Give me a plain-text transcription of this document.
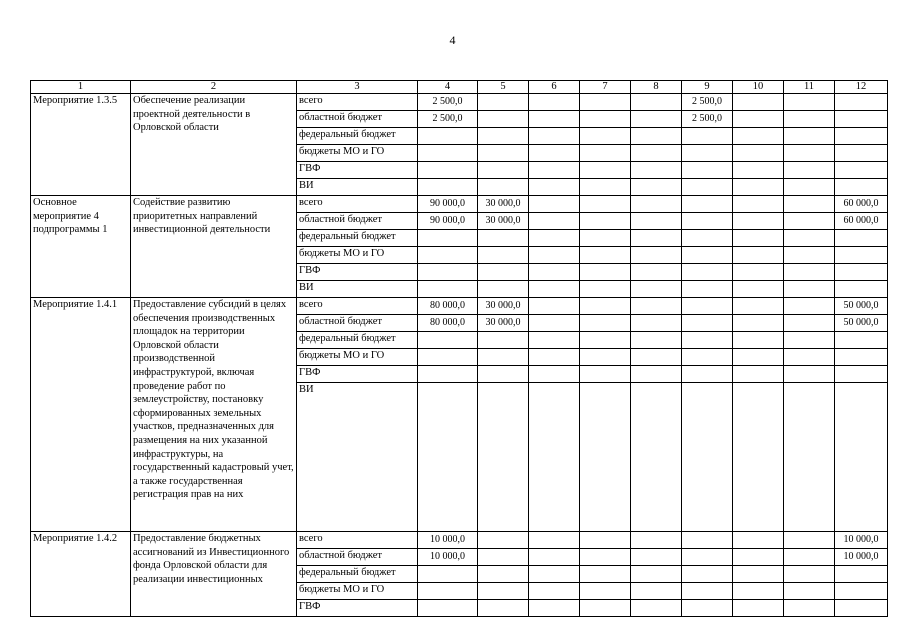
4
1	2	3	4	5	6	7	8	9	10	11	12
Мероприятие 1.3.5	Обеспечение реализации проектной деятельности в Орловской области	всего	2 500,0					2 500,0			
		областной бюджет	2 500,0					2 500,0			
		федеральный бюджет									
		бюджеты МО и ГО									
		ГВФ									
		ВИ									
Основное мероприятие 4 подпрограммы 1	Содействие развитию приоритетных направлений инвестиционной деятельности	всего	90 000,0	30 000,0							60 000,0
		областной бюджет	90 000,0	30 000,0							60 000,0
		федеральный бюджет									
		бюджеты МО и ГО									
		ГВФ									
		ВИ									
Мероприятие 1.4.1	Предоставление субсидий в целях обеспечения производственных площадок на территории Орловской области производственной инфраструктурой, включая проведение работ по землеустройству, постановку сформированных земельных участков, предназначенных для размещения на них указанной инфраструктуры, на государственный кадастровый учет, а также государственная регистрация прав на них	всего	80 000,0	30 000,0							50 000,0
		областной бюджет	80 000,0	30 000,0							50 000,0
		федеральный бюджет									
		бюджеты МО и ГО									
		ГВФ									
		ВИ									
Мероприятие 1.4.2	Предоставление бюджетных ассигнований из Инвестиционного фонда Орловской области для реализации инвестиционных	всего	10 000,0								10 000,0
		областной бюджет	10 000,0								10 000,0
		федеральный бюджет									
		бюджеты МО и ГО									
		ГВФ									
